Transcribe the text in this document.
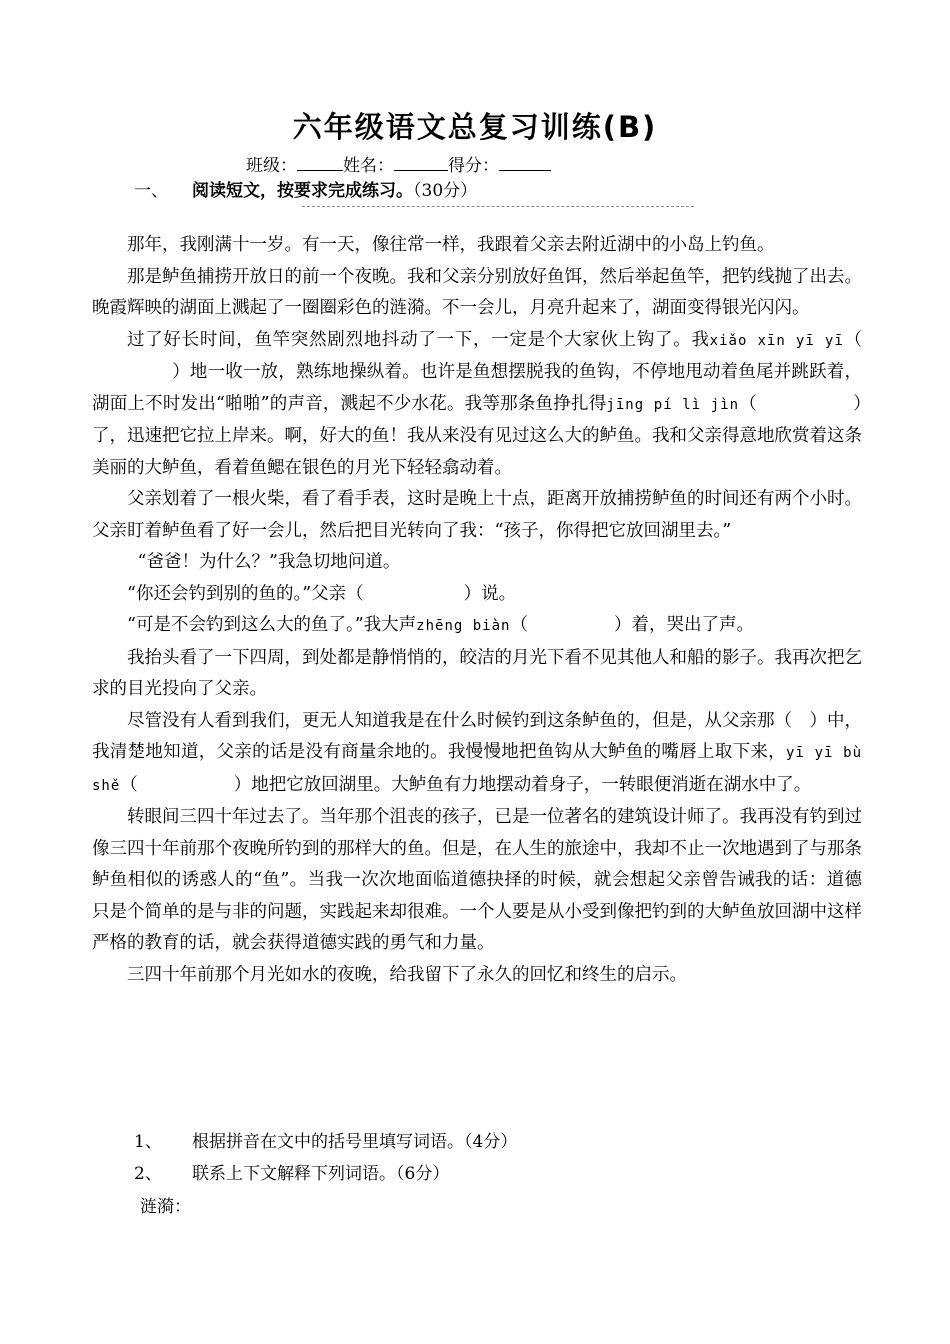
六年级语文总复习训练(B)
班级：	姓名：	得分：
一、 阅读短文，按要求完成练习。（30分）

那年，我刚满十一岁。有一天，像往常一样，我跟着父亲去附近湖中的小岛上钓鱼。

那是鲈鱼捕捞开放日的前一个夜晚。我和父亲分别放好鱼饵，然后举起鱼竿，把钓线抛了出去。晚霞辉映的湖面上溅起了一圈圈彩色的涟漪。不一会儿，月亮升起来了，湖面变得银光闪闪。

过了好长时间，鱼竿突然剧烈地抖动了一下，一定是个大家伙上钩了。我xiǎo xīn yī yī（）地一收一放，熟练地操纵着。也许是鱼想摆脱我的鱼钩，不停地甩动着鱼尾并跳跃着，湖面上不时发出“啪啪”的声音，溅起不少水花。我等那条鱼挣扎得jīng pí lì jìn（	）了，迅速把它拉上岸来。啊，好大的鱼！我从来没有见过这么大的鲈鱼。我和父亲得意地欣赏着这条美丽的大鲈鱼，看着鱼鳃在银色的月光下轻轻翕动着。

父亲划着了一根火柴，看了看手表，这时是晚上十点，距离开放捕捞鲈鱼的时间还有两个小时。父亲盯着鲈鱼看了好一会儿，然后把目光转向了我：“孩子，你得把它放回湖里去。”

“爸爸！为什么？”我急切地问道。

“你还会钓到别的鱼的。”父亲（	）说。

“可是不会钓到这么大的鱼了。”我大声zhēng biàn（	）着，哭出了声。

我抬头看了一下四周，到处都是静悄悄的，皎洁的月光下看不见其他人和船的影子。我再次把乞求的目光投向了父亲。

尽管没有人看到我们，更无人知道我是在什么时候钓到这条鲈鱼的，但是，从父亲那（　）中，我清楚地知道，父亲的话是没有商量余地的。我慢慢地把鱼钩从大鲈鱼的嘴唇上取下来，yī yī bù shě（	）地把它放回湖里。大鲈鱼有力地摆动着身子，一转眼便消逝在湖水中了。

转眼间三四十年过去了。当年那个沮丧的孩子，已是一位著名的建筑设计师了。我再没有钓到过像三四十年前那个夜晚所钓到的那样大的鱼。但是，在人生的旅途中，我却不止一次地遇到了与那条鲈鱼相似的诱惑人的“鱼”。当我一次次地面临道德抉择的时候，就会想起父亲曾告诫我的话：道德只是个简单的是与非的问题，实践起来却很难。一个人要是从小受到像把钓到的大鲈鱼放回湖中这样严格的教育的话，就会获得道德实践的勇气和力量。

三四十年前那个月光如水的夜晚，给我留下了永久的回忆和终生的启示。

1、 根据拼音在文中的括号里填写词语。（4分）
2、 联系上下文解释下列词语。（6分）
涟漪：
